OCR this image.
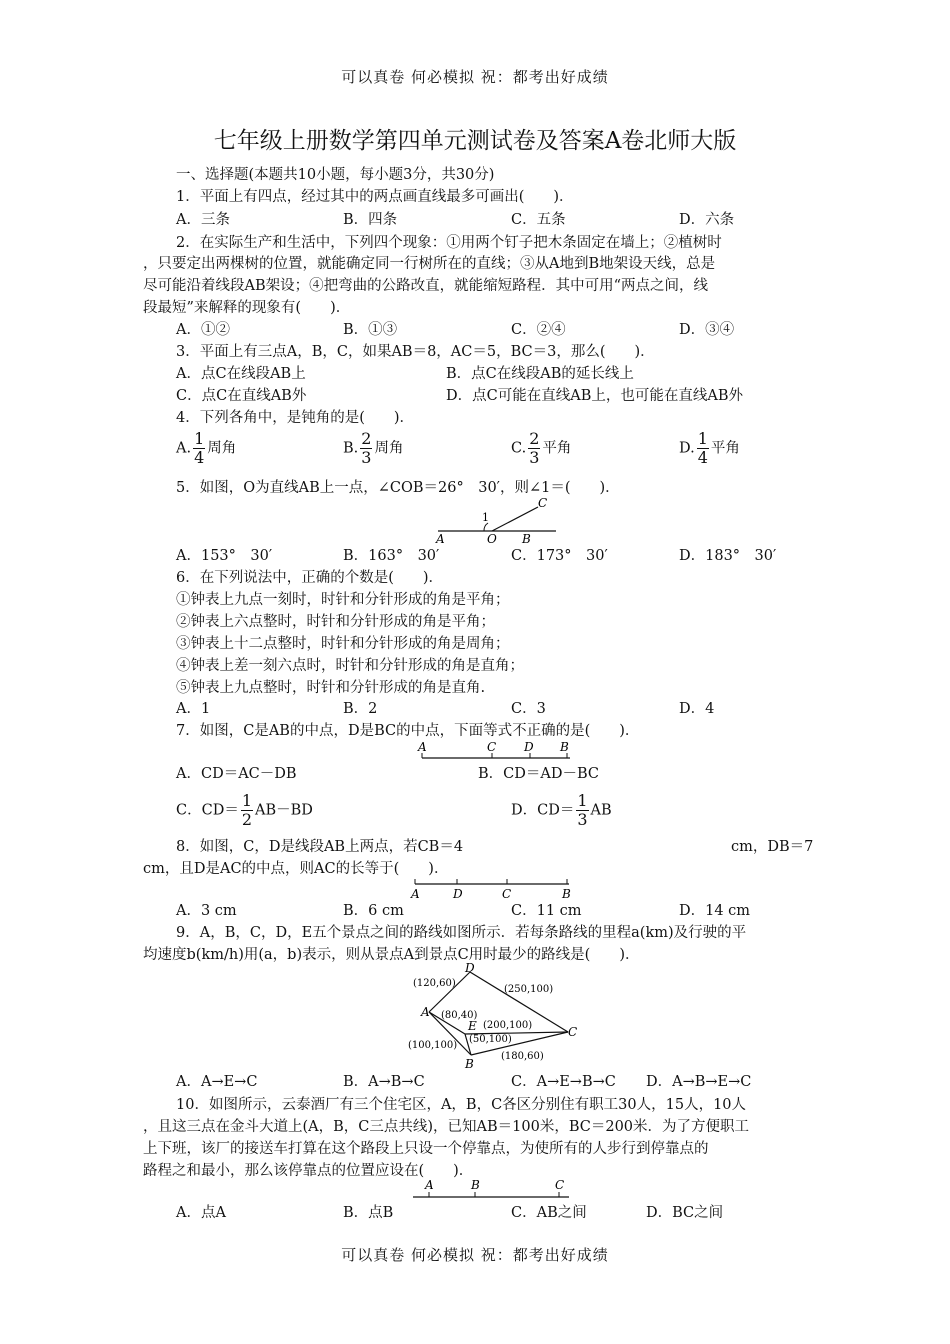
可以真卷 何必模拟 祝：都考出好成绩
七年级上册数学第四单元测试卷及答案A卷北师大版
一、选择题(本题共10小题，每小题3分，共30分)
1．平面上有四点，经过其中的两点画直线最多可画出(　　)．
A．三条	B．四条	C．五条	D．六条
2．在实际生产和生活中，下列四个现象：①用两个钉子把木条固定在墙上；②植树时
，只要定出两棵树的位置，就能确定同一行树所在的直线；③从A地到B地架设天线，总是
尽可能沿着线段AB架设；④把弯曲的公路改直，就能缩短路程．其中可用“两点之间，线
段最短”来解释的现象有(　　)．
A．①②	B．①③	C．②④	D．③④
3．平面上有三点A，B，C，如果AB＝8，AC＝5，BC＝3，那么(　　)．
A．点C在线段AB上	B．点C在线段AB的延长线上
C．点C在直线AB外	D．点C可能在直线AB上，也可能在直线AB外
4．下列各角中，是钝角的是(　　)．
A. $\frac{1}{4}$ 周角	B. $\frac{2}{3}$ 周角	C. $\frac{2}{3}$ 平角	D. $\frac{1}{4}$ 平角
5．如图，O为直线AB上一点，∠COB＝26°　30′，则∠1＝(　　)．
A	O B
C
1
A．153°　30′	B．163°　30′	C．173°　30′	D．183°　30′
6．在下列说法中，正确的个数是(　　)．
①钟表上九点一刻时，时针和分针形成的角是平角；
②钟表上六点整时，时针和分针形成的角是平角；
③钟表上十二点整时，时针和分针形成的角是周角；
④钟表上差一刻六点时，时针和分针形成的角是直角；
⑤钟表上九点整时，时针和分针形成的角是直角.
A．1	B．2	C．3	D．4
7．如图，C是AB的中点，D是BC的中点，下面等式不正确的是(　　)．
A	C D B
A．CD＝AC－DB	B．CD＝AD－BC
C．$CD= \frac{1}{2} AB-BD$	D．$CD= \frac{1}{3}$ AB
8．如图，C，D是线段AB上两点，若CB＝4	cm，DB＝7
cm，且D是AC的中点，则AC的长等于(　　)．
A	D	C	B
A．3 cm	B．6 cm	C．11 cm	D．14 cm
9．A，B，C，D，E五个景点之间的路线如图所示．若每条路线的里程a(km)及行驶的平
均速度b(km/h)用(a，b)表示，则从景点A到景点C用时最少的路线是(　　)．
D
A
E	C
B
(120,60)
(250,100)
(80,40)
(200,100)
(50,100)
(100,100)
(180,60)
A．A→E→C	B．A→B→C	C．A→E→B→C D．A→B→E→C
10．如图所示，云泰酒厂有三个住宅区，A，B，C各区分别住有职工30人，15人，10人
，且这三点在金斗大道上(A，B，C三点共线)，已知AB＝100米，BC＝200米．为了方便职工
上下班，该厂的接送车打算在这个路段上只设一个停靠点，为使所有的人步行到停靠点的
路程之和最小，那么该停靠点的位置应设在(　　)．
A	B	C
A．点A	B．点B	C．AB之间	D．BC之间
可以真卷 何必模拟 祝：都考出好成绩
